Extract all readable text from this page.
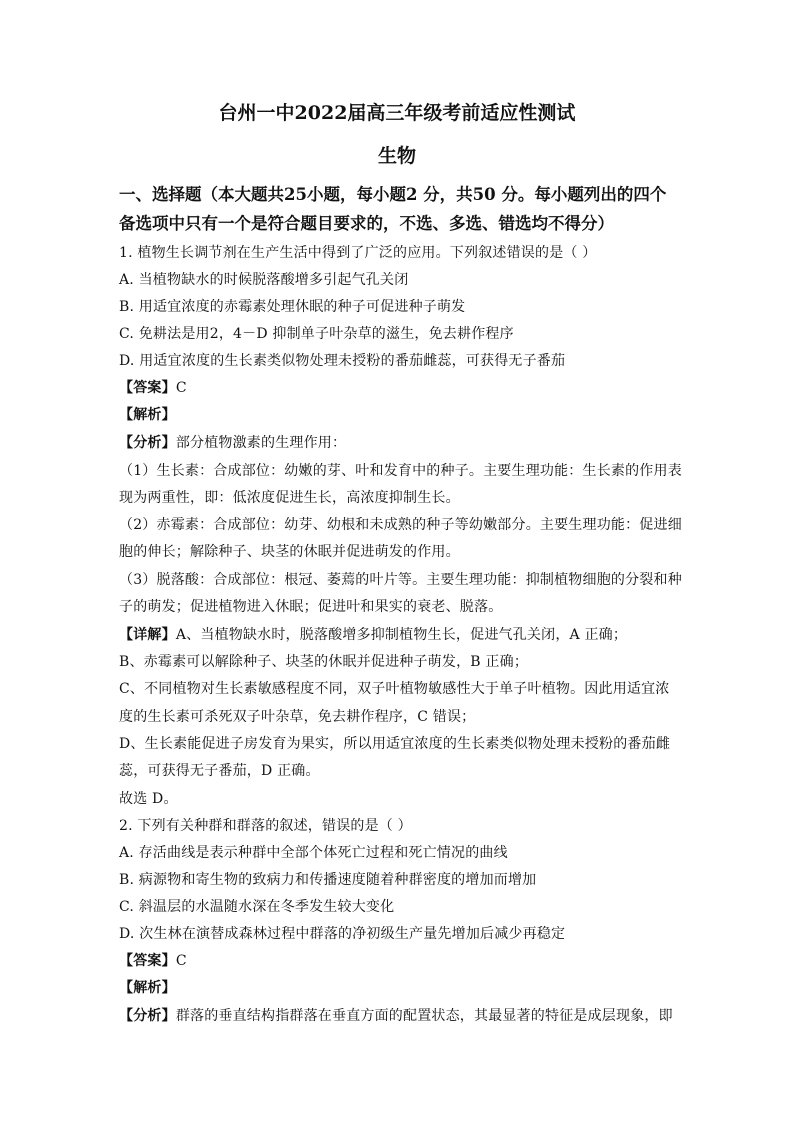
台州一中2022届高三年级考前适应性测试
生物
一、选择题（本大题共25小题，每小题2 分，共50 分。每小题列出的四个
备选项中只有一个是符合题目要求的，不选、多选、错选均不得分）
1. 植物生长调节剂在生产生活中得到了广泛的应用。下列叙述错误的是（ ）
A. 当植物缺水的时候脱落酸增多引起气孔关闭
B. 用适宜浓度的赤霉素处理休眠的种子可促进种子萌发
C. 免耕法是用2，4－D 抑制单子叶杂草的滋生，免去耕作程序
D. 用适宜浓度的生长素类似物处理未授粉的番茄雌蕊，可获得无子番茄
【答案】C
【解析】
【分析】部分植物激素的生理作用：
（1）生长素：合成部位：幼嫩的芽、叶和发育中的种子。主要生理功能：生长素的作用表
现为两重性，即：低浓度促进生长，高浓度抑制生长。
（2）赤霉素：合成部位：幼芽、幼根和未成熟的种子等幼嫩部分。主要生理功能：促进细
胞的伸长；解除种子、块茎的休眠并促进萌发的作用。
（3）脱落酸：合成部位：根冠、萎蔫的叶片等。主要生理功能：抑制植物细胞的分裂和种
子的萌发；促进植物进入休眠；促进叶和果实的衰老、脱落。
【详解】A、当植物缺水时，脱落酸增多抑制植物生长，促进气孔关闭，A 正确；
B、赤霉素可以解除种子、块茎的休眠并促进种子萌发，B 正确；
C、不同植物对生长素敏感程度不同，双子叶植物敏感性大于单子叶植物。因此用适宜浓
度的生长素可杀死双子叶杂草，免去耕作程序，C 错误；
D、生长素能促进子房发育为果实，所以用适宜浓度的生长素类似物处理未授粉的番茄雌
蕊，可获得无子番茄，D 正确。
故选 D。
2. 下列有关种群和群落的叙述，错误的是（ ）
A. 存活曲线是表示种群中全部个体死亡过程和死亡情况的曲线
B. 病源物和寄生物的致病力和传播速度随着种群密度的增加而增加
C. 斜温层的水温随水深在冬季发生较大变化
D. 次生林在演替成森林过程中群落的净初级生产量先增加后减少再稳定
【答案】C
【解析】
【分析】群落的垂直结构指群落在垂直方面的配置状态，其最显著的特征是成层现象，即
